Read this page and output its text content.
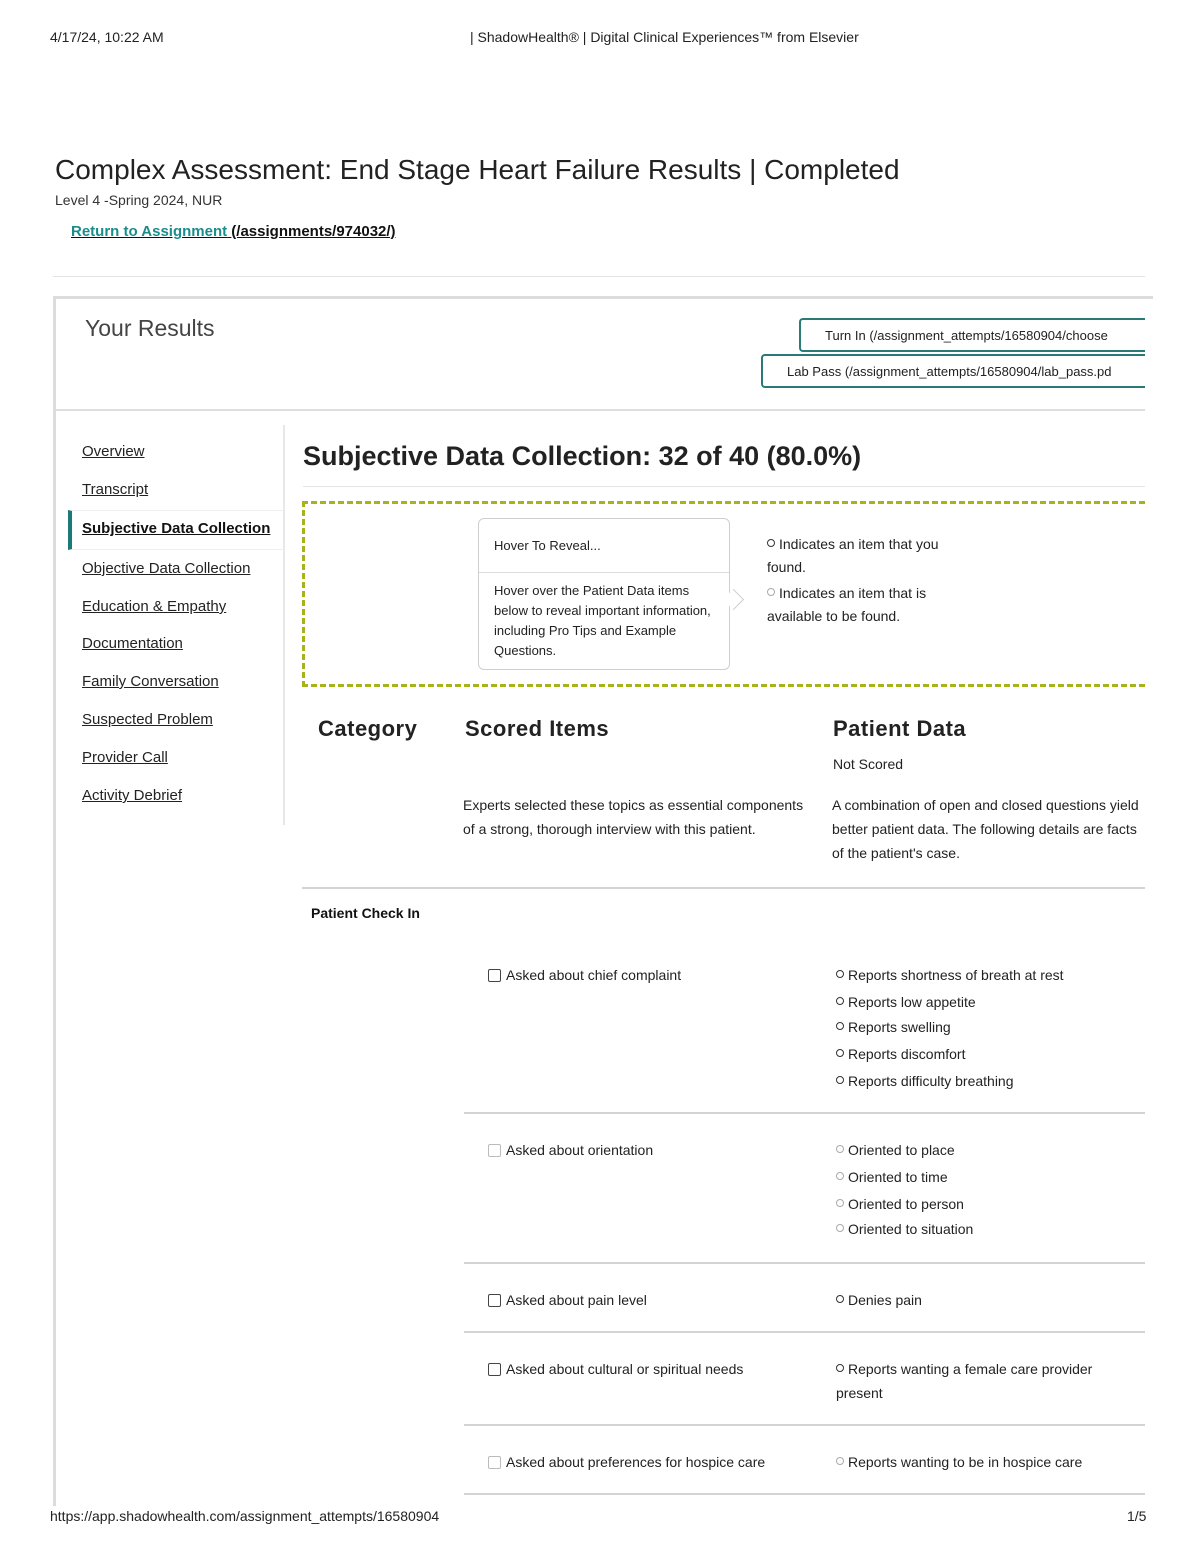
4/17/24, 10:22 AM	| ShadowHealth® | Digital Clinical Experiences™ from Elsevier
https://app.shadowhealth.com/assignment_attempts/16580904	1/5
Complex Assessment: End Stage Heart Failure Results | Completed
Level 4 -Spring 2024, NUR
Return to Assignment (/assignments/974032/)
Your Results	Turn In (/assignment_attempts/16580904/choose
Lab Pass (/assignment_attempts/16580904/lab_pass.pd
Overview
Transcript
Subjective Data Collection
Objective Data Collection
Education & Empathy
Documentation
Family Conversation
Suspected Problem
Provider Call
Activity Debrief
Subjective Data Collection: 32 of 40 (80.0%)
Hover To Reveal...
Hover over the Patient Data items below to reveal important information, including Pro Tips and Example Questions.
Indicates an item that you found.
Indicates an item that is available to be found.
Category Scored Items	Patient Data
Not Scored
Experts selected these topics as essential components of a strong, thorough interview with this patient.
A combination of open and closed questions yield better patient data. The following details are facts of the patient's case.
Patient Check In
Asked about chief complaint	Reports shortness of breath at rest
Reports low appetite
Reports swelling
Reports discomfort
Reports difficulty breathing
Asked about orientation	Oriented to place
Oriented to time
Oriented to person
Oriented to situation
Asked about pain level	Denies pain
Asked about cultural or spiritual needs	Reports wanting a female care provider present
Asked about preferences for hospice care	Reports wanting to be in hospice care
